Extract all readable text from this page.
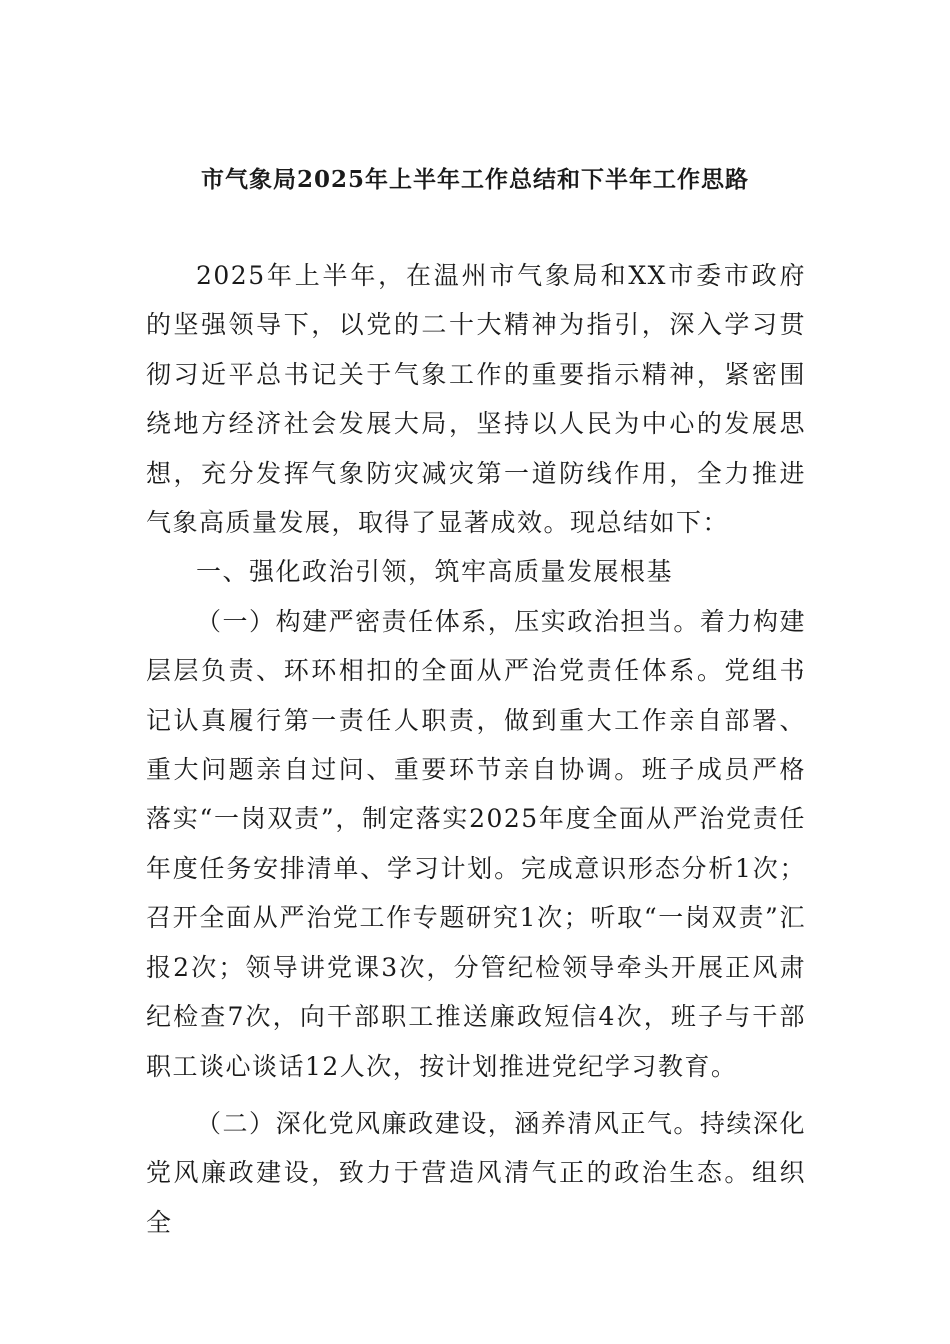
市气象局2025年上半年工作总结和下半年工作思路

2025年上半年，在温州市气象局和XX市委市政府的坚强领导下，以党的二十大精神为指引，深入学习贯彻习近平总书记关于气象工作的重要指示精神，紧密围绕地方经济社会发展大局，坚持以人民为中心的发展思想，充分发挥气象防灾减灾第一道防线作用，全力推进气象高质量发展，取得了显著成效。现总结如下：

一、强化政治引领，筑牢高质量发展根基

（一）构建严密责任体系，压实政治担当。着力构建层层负责、环环相扣的全面从严治党责任体系。党组书记认真履行第一责任人职责，做到重大工作亲自部署、重大问题亲自过问、重要环节亲自协调。班子成员严格落实“一岗双责”，制定落实2025年度全面从严治党责任年度任务安排清单、学习计划。完成意识形态分析1次；召开全面从严治党工作专题研究1次；听取“一岗双责”汇报2次；领导讲党课3次，分管纪检领导牵头开展正风肃纪检查7次，向干部职工推送廉政短信4次，班子与干部职工谈心谈话12人次，按计划推进党纪学习教育。

（二）深化党风廉政建设，涵养清风正气。持续深化党风廉政建设，致力于营造风清气正的政治生态。组织全
